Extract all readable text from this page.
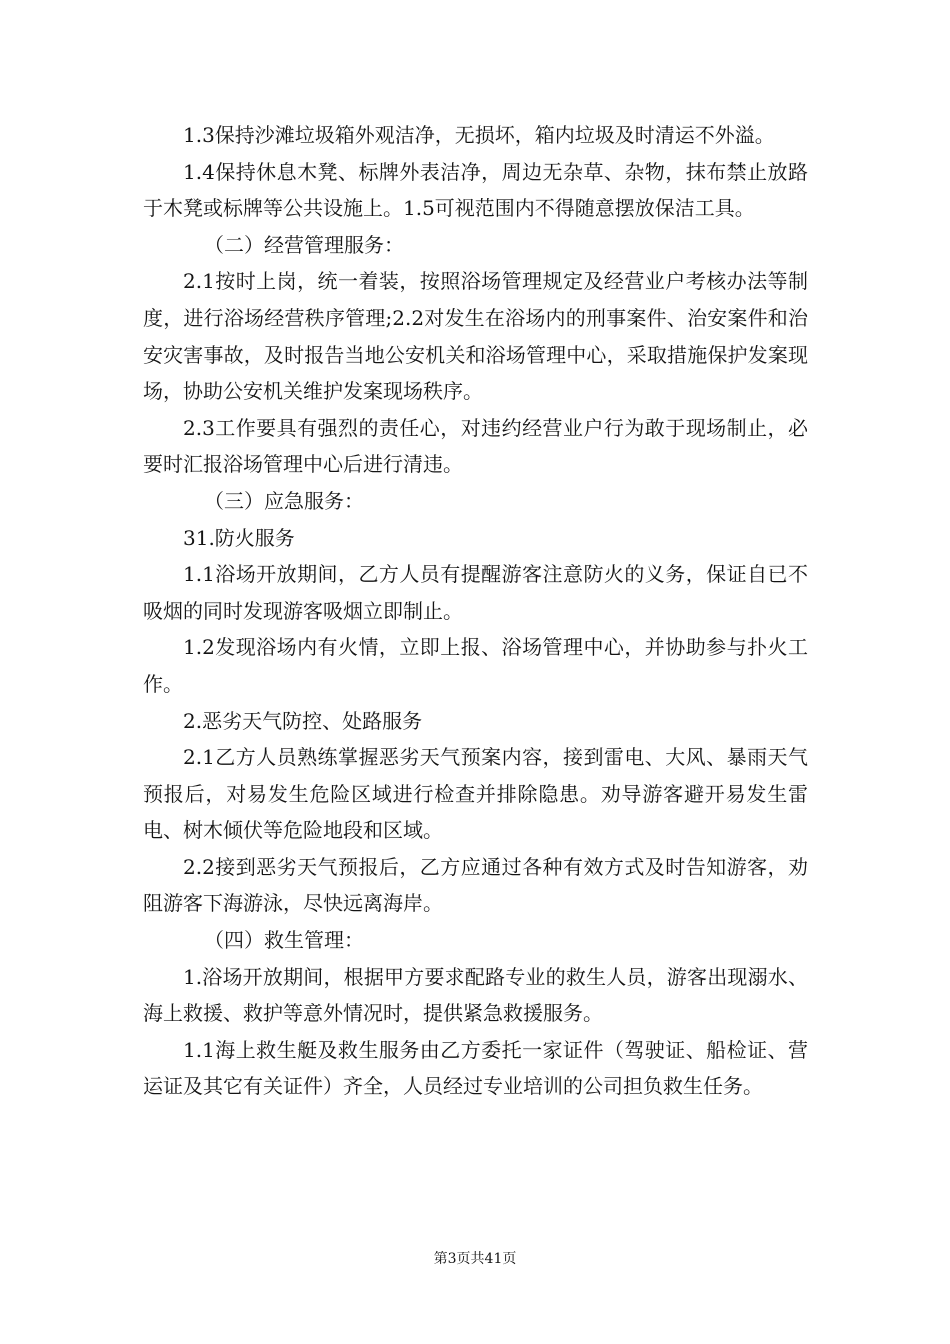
1.3保持沙滩垃圾箱外观洁净，无损坏，箱内垃圾及时清运不外溢。

1.4保持休息木凳、标牌外表洁净，周边无杂草、杂物，抹布禁止放路于木凳或标牌等公共设施上。1.5可视范围内不得随意摆放保洁工具。

（二）经营管理服务：

2.1按时上岗，统一着装，按照浴场管理规定及经营业户考核办法等制度，进行浴场经营秩序管理;2.2对发生在浴场内的刑事案件、治安案件和治安灾害事故，及时报告当地公安机关和浴场管理中心，采取措施保护发案现场，协助公安机关维护发案现场秩序。

2.3工作要具有强烈的责任心，对违约经营业户行为敢于现场制止，必要时汇报浴场管理中心后进行清违。

（三）应急服务：

31.防火服务

1.1浴场开放期间，乙方人员有提醒游客注意防火的义务，保证自已不吸烟的同时发现游客吸烟立即制止。

1.2发现浴场内有火情，立即上报、浴场管理中心，并协助参与扑火工作。

2.恶劣天气防控、处路服务

2.1乙方人员熟练掌握恶劣天气预案内容，接到雷电、大风、暴雨天气预报后，对易发生危险区域进行检查并排除隐患。劝导游客避开易发生雷电、树木倾伏等危险地段和区域。

2.2接到恶劣天气预报后，乙方应通过各种有效方式及时告知游客，劝阻游客下海游泳，尽快远离海岸。

（四）救生管理：

1.浴场开放期间，根据甲方要求配路专业的救生人员，游客出现溺水、海上救援、救护等意外情况时，提供紧急救援服务。

1.1海上救生艇及救生服务由乙方委托一家证件（驾驶证、船检证、营运证及其它有关证件）齐全，人员经过专业培训的公司担负救生任务。

第3页共41页
